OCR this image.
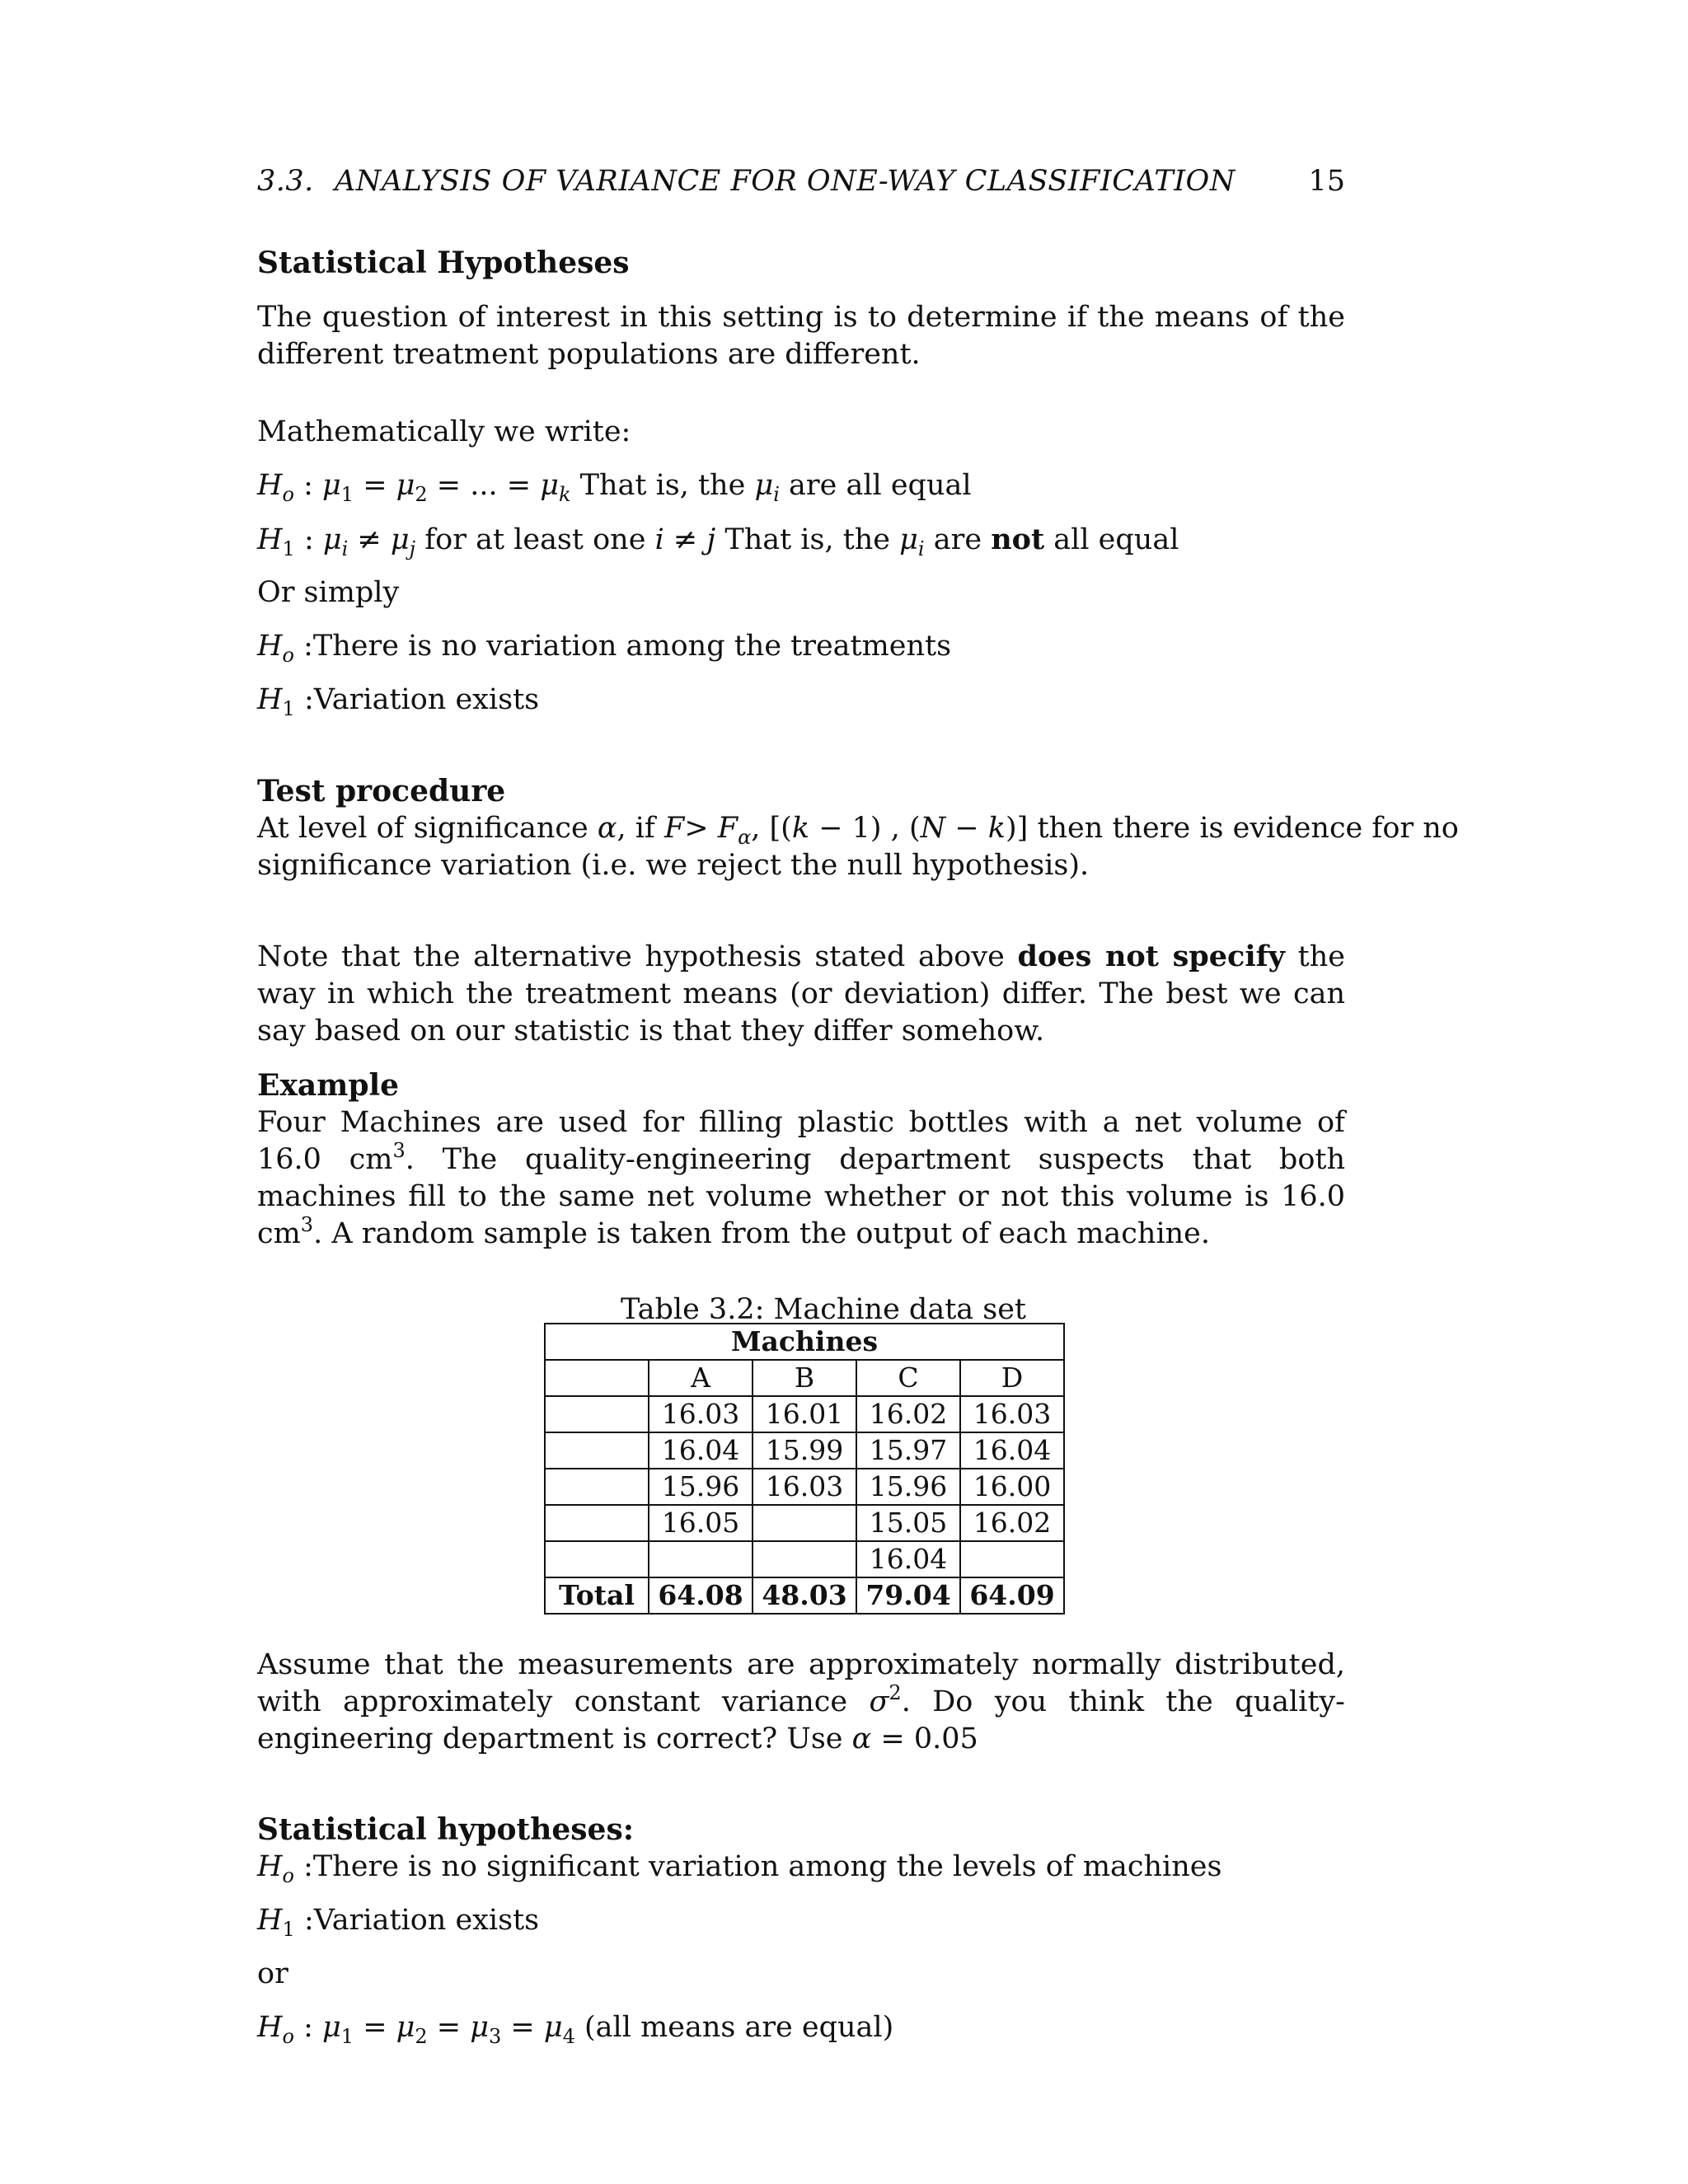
3.3. ANALYSIS OF VARIANCE FOR ONE-WAY CLASSIFICATION	15
Statistical Hypotheses
The question of interest in this setting is to determine if the means of the different treatment populations are different.
Mathematically we write:
$H_o$ : $\mu_1 = \mu_2$ = ... = $\mu_k$ That is, the $\mu_i$ are all equal
$H_1$ : $\mu_i \ne \mu_j$ for at least one i ≠ j That is, the $\mu_i$ are not all equal
Or simply
$H_o$ :There is no variation among the treatments
$H_1$ :Variation exists
Test procedure
At level of significance α, if $F> F_\alpha$, [(k − 1) , (N − k)] then there is evidence for no
significance variation (i.e. we reject the null hypothesis).
Note that the alternative hypothesis stated above does not specify the way in which the treatment means (or deviation) differ. The best we can say based on our statistic is that they differ somehow.
Example
Four Machines are used for filling plastic bottles with a net volume of 16.0 $cm^3$. The quality-engineering department suspects that both machines fill to the same net volume whether or not this volume is 16.0 $cm^3$. A random sample is taken from the output of each machine.
Table 3.2: Machine data set
Machines				
	A	B	C	D
	16.03	16.01	16.02	16.03
	16.04	15.99	15.97	16.04
	15.96	16.03	15.96	16.00
	16.05		15.05	16.02
			16.04	
Total	64.08	48.03	79.04	64.09
Assume that the measurements are approximately normally distributed, with approximately constant variance $\sigma^2$. Do you think the quality-engineering department is correct? Use α = 0.05
Statistical hypotheses:
$H_o$ :There is no significant variation among the levels of machines
$H_1$ :Variation exists
or
$H_o$ : $\mu_1 = \mu_2 = \mu_3 = \mu_4$ (all means are equal)
